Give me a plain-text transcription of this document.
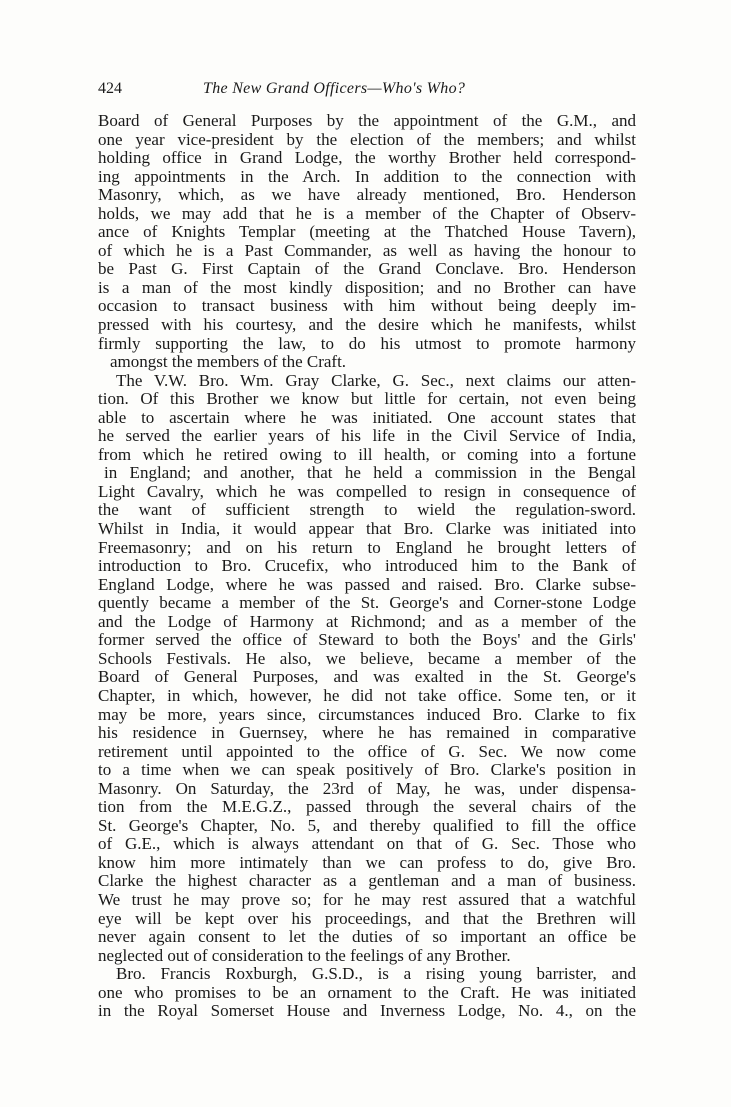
424	The New Grand Officers—Who's Who?
Board of General Purposes by the appointment of the G.M., and
one year vice-president by the election of the members; and whilst
holding office in Grand Lodge, the worthy Brother held correspond-
ing appointments in the Arch. In addition to the connection with
Masonry, which, as we have already mentioned, Bro. Henderson
holds, we may add that he is a member of the Chapter of Observ-
ance of Knights Templar (meeting at the Thatched House Tavern),
of which he is a Past Commander, as well as having the honour to
be Past G. First Captain of the Grand Conclave. Bro. Henderson
is a man of the most kindly disposition; and no Brother can have
occasion to transact business with him without being deeply im-
pressed with his courtesy, and the desire which he manifests, whilst
firmly supporting the law, to do his utmost to promote harmony
amongst the members of the Craft.
The V.W. Bro. Wm. Gray Clarke, G. Sec., next claims our atten-
tion. Of this Brother we know but little for certain, not even being
able to ascertain where he was initiated. One account states that
he served the earlier years of his life in the Civil Service of India,
from which he retired owing to ill health, or coming into a fortune
in England; and another, that he held a commission in the Bengal
Light Cavalry, which he was compelled to resign in consequence of
the want of sufficient strength to wield the regulation-sword.
Whilst in India, it would appear that Bro. Clarke was initiated into
Freemasonry; and on his return to England he brought letters of
introduction to Bro. Crucefix, who introduced him to the Bank of
England Lodge, where he was passed and raised. Bro. Clarke subse-
quently became a member of the St. George's and Corner-stone Lodge
and the Lodge of Harmony at Richmond; and as a member of the
former served the office of Steward to both the Boys' and the Girls'
Schools Festivals. He also, we believe, became a member of the
Board of General Purposes, and was exalted in the St. George's
Chapter, in which, however, he did not take office. Some ten, or it
may be more, years since, circumstances induced Bro. Clarke to fix
his residence in Guernsey, where he has remained in comparative
retirement until appointed to the office of G. Sec. We now come
to a time when we can speak positively of Bro. Clarke's position in
Masonry. On Saturday, the 23rd of May, he was, under dispensa-
tion from the M.E.G.Z., passed through the several chairs of the
St. George's Chapter, No. 5, and thereby qualified to fill the office
of G.E., which is always attendant on that of G. Sec. Those who
know him more intimately than we can profess to do, give Bro.
Clarke the highest character as a gentleman and a man of business.
We trust he may prove so; for he may rest assured that a watchful
eye will be kept over his proceedings, and that the Brethren will
never again consent to let the duties of so important an office be
neglected out of consideration to the feelings of any Brother.
Bro. Francis Roxburgh, G.S.D., is a rising young barrister, and
one who promises to be an ornament to the Craft. He was initiated
in the Royal Somerset House and Inverness Lodge, No. 4., on the
